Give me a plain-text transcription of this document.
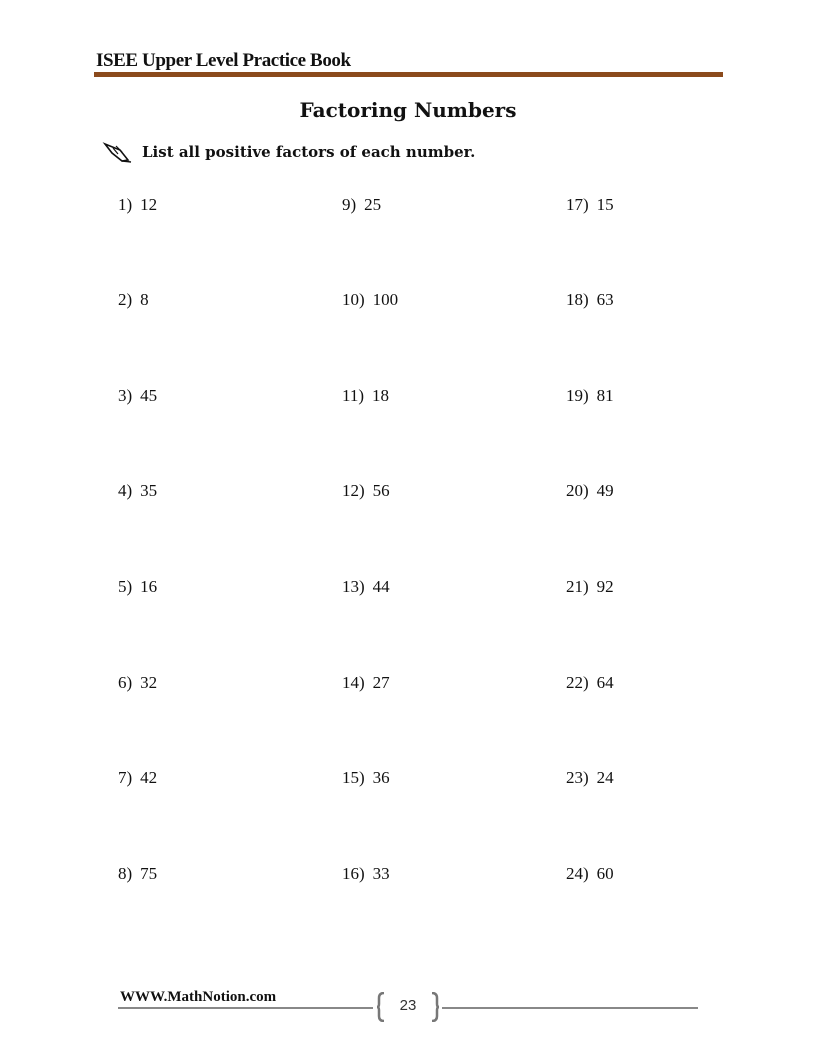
ISEE Upper Level Practice Book
Factoring Numbers
List all positive factors of each number.
1) 12
2) 8
3) 45
4) 35
5) 16
6) 32
7) 42
8) 75
9) 25
10) 100
11) 18
12) 56
13) 44
14) 27
15) 36
16) 33
17) 15
18) 63
19) 81
20) 49
21) 92
22) 64
23) 24
24) 60
WWW.MathNotion.com	23
